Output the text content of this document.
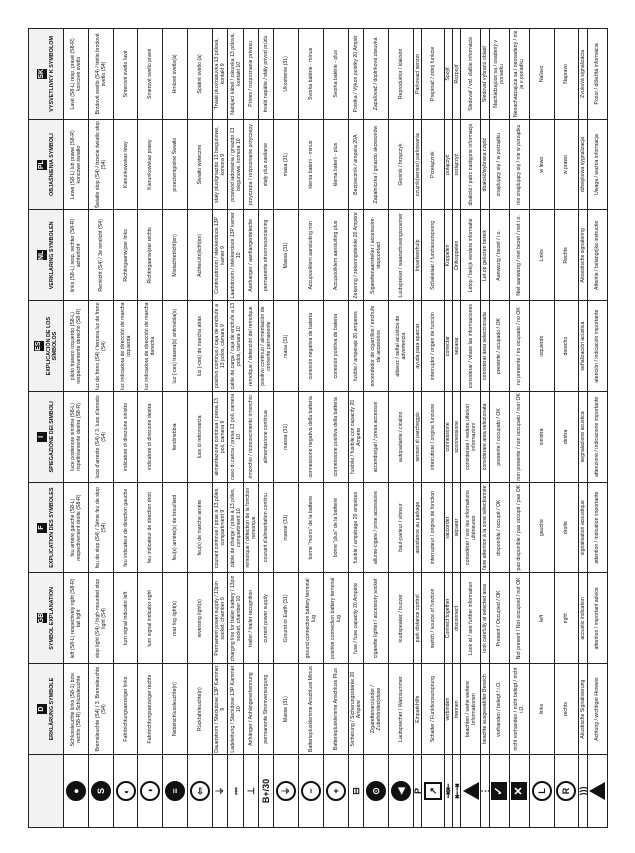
	D ERKLÄRUNG SYMBOLE	GB SYMBOL EXPLANATION	F EXPLICATION DES SYMBOLES	I SPIEGAZIONE DEI SIMBOLI	ES EXPLICACIÓN DE LOS SÍMBOLOS	NL VERKLARING SYMBOLEN	PL OBJAŚNIENIA SYMBOLI	SK VYSVETLIVKY K SYMBOLOM

●	Schlussleuchte links (S8-1) bzw. rechts (S8-R) Schlussleuchte	left (S8-L) respectively right (S8-R) tail light	feu arrière gauche (S8-L) respectivement droite (S8-R)	luce posteriore sinistra (S8-L) rispettivamente destra (S8-R)	piloto trasero izquierdo (S8-L) respectivamente derecho (S8-R)	links (S8-L) resp. rechter (S8-R) achterlicht	Lewe (S8-L) lub prawe (S8-R) koncowe światło	Lavé (S8-L) resp. pravé (S8-R) koncové svetlo
S	Bremsleuchte (S4) / 3. Bremsleuchte (S4)	stop light (S4) / high-mounted stop light (S4)	feu de stop (S4) / 3ème feu de stop (S4)	luce d'arresto (S4) / 3. luce d'arresto (S4)	luz de freno (S4) / tercera luz de freno (S4)	Remlicht (S4) / 3e remlicht (S4)	Światło stop (S4) / trzecie światło stop (S4)	Brzdové svetlo (S4) / tretie brzdové svetlo (S4)
◐	Fahrtrichtungsanzeiger links	turn signal indicator left	feu indicateur de direction gauche	indicatore di direzione sinistro	luz indicadora de dirección de marcha izquierda	Richtingaanwijzer links	Kierunkowskaz lewy	Smerové svetlo ľavé
◑	Fahrtrichtungsanzeiger rechts	turn signal indicator right	feu indicateur de direction droit	indicatore di direzione destra	luz indicadora de dirección de marcha derecha	Richtingaanwijzer rechts	Kierunkowskaz prawy	Smerové svetlo pravé
≡	Nebelschlussleuchte(n)	rear fog light(s)	feu(x) arrière(s) de brouillard	fendinebbia	luz (-ces) trasera(s) antiniebla(s)	Mistachterlicht(en)	przeciwmgielne Światło	Hmlové svetlo(á)
⇦	Rückfahrleuchte(n)	reversing light(s)	feu(x) de marche arrière	luce di retromarcia	luz (-ces) de marcha atrás	Achteruitrijlicht(en)	Światło wsteczne	Spätné svetlo (á)
⏚	Dauerstrom / Steckdose 13P Kammer 9	Permanent power supply / 13pin socket, chamber 9	courant continue / prise à 13 pôles, compartiment 9	alimentazione continua / presa 13 poli, camera 9	positivo continuo / caja de enchufe a 13 polos, cámara 9	Continustroom / stekkerdoos 13P kamer 9	stały plus/gniazdo 13 biegunowe, komora 9	Trvalé plus/zásuvka 13 pólová, kontakt 9
⎓	Ladeleitung / Steckdose 13P Kammer 10	charging line for trailer battery / 13pin socket, chamber 10	câble de charge / prise à 13 pôles, compartiment 10	cavo di carica / presa 13 poli, camera 10	cable de carga / caja de enchufe a 13 polos, cámara 10	Laadstroom / stekkerdoos 13P kamer 10	przewód ładowania / gniazdo 13 biegunowe, komora 10	Nabíjací kábel / zásuvka 13 pólová, kontakt 10
⊥	Anhänger / Anhängererkennung	trailer / trailer recognition	remorque / détection de la fonction remorque	rimorchio / riconoscimento rimorchio	remolque / detección del remolque	Aanhanger / aanhangerdetectie	przyczepa / rozpoznanie przyczepy	Príves / rozpoznanie prívesu
B+/30	permanente Stromversorgung	current power supply	courant d'alimentation continu	alimentazione continua	positivo continuo / alimentación de corriente permanente	permanente stroomvoorziening	stały plus zasilanie	trvalé napätie / stály prívod prúdu
⏚	Masse (31)	Ground or Earth (31)	masse (31)	massa (31)	masa (31)	Massa (31)	masa (31)	Ukostrenie (31)
−	Batterieplusklemme Anschluss Minus	ground connection battery terminal lug	borne "moins" de la batterie	connessione negativa della batteria	conexión negativa de batería	Accupoolklem aansluiting min	klema baterii - minus	Svorka batérie - mínus
+	Batterieplusklemme Anschluss Plus	positive connection battery terminal lug	borne "plus" de la batterie	connessione positiva della batteria	conexión positiva de batería	Accupoolklem aansluiting plus	klema baterii - plus	Svorka batérie - plus
⊟	Sicherung / Sicherungsstärke 20 Ampère	fuse / fuse capacity 20 Ampère	fusible / ampérage 20 ampères	fusibile / fusibile con capacity 20 Ampère	fusible / amperaje 20 amperes	Zekering / zekeringsterkte 20 Ampère	Bezpiecznik / ampera 20A	Poistka / Výkon poistky 20 Ampér
⊙	Zigarettenanzünder / Zubehörsteckdose	cigarette lighter / accessory socket	allume-cigare / prise accessoire	accendisigari / presa accessori	encendedor de cigarrillos / enchufe de accesorios	Sigarettenaansteker / accessoire-stopcontact	Zapalniczka / gniazdo akcesoriów	Zapaľovač / doplnková zásuvka
◀	Lautsprecher / Warnsummer	loudspeaker / buzzer	haut-parleur / vibreur	autoparlante / cicalino	altavoz / señal acústica de advertencia	Luidspreker / waarschuwingszoemer	Głośnik / brzęczyk	Reproduktor / klaksón
P	Einparkhilfe	park distance control	assistance au parkage	sensori di parcheggio	ayuda para aparcar	Inparkeerhulp	czujnik(sensor) parkowania	Parkovací senzor
↗	Schalter / Funktionsursprung	switch / source of function	interrupteur / origine de fonction	interruttore / origine funzione	interruptor / origen de función	Schakelaar / functieoorsprong	Przełącznik	Prepínač / zdroj funkcie
⇥⇤	verbinden	Connect together	raccorder	connessione	conectar	Koppelen	połączyć	Spojiť
⇤⇥	trennen	disconnect	séparer	sconnessione	separar	Ontkoppelen	rozłączyć	Rozpojiť
	beachten / siehe weitere Informationen	Look at / see further information	considérer / voir les informations ultérieures	considerare / vedere ulteriori informazioni	considerar / véase las informaciones	Letop / bekijk verdere informatie	dbałość / patrz następne informacje	Sledovať / viď. ďalšie informácie
⋮	beachte ausgewählter Bereich	look carefully at selected area	faire attention à la zone sélectionnée	considerare area selezionata	considerar área seleccionada	Let op gekozen bereik	dbałość/wybrana część	Sledovať vybranú oblasť
✓	vorhanden / belegt / i.O.	Present / Occupied / OK	disponible / occupé / OK	presente / occupato / OK	presente / ocupado / OK	Aanwezig / bezet / i.o.	znajdujący się / w porządku	Nachádzajúce sa / osadený v poriadku
✕	nicht vorhanden / nicht belegt / nicht i.O.	Not present / Not occupied / not OK	pas disponible / pas occupé / pas OK	non presente / non occupato / non OK	no presente / no ocupado / no OK	Niet aanwezig / niet bezet / niet i.o.	nie znajdujący się / nie w porządku	Nenachádzajúce sa / neosadený / nie je v poriadku
L	links	left	gauche	sinistra	izquierdo	Links	w lewo	Naľavo
R	rechts	right	droite	destra	derecho	Rechts	w prawo	Napravo
)))	Akustische Signalisierung	acoustic indication	signalisation acoustique	segnalazione acustica	señalización acústica	Akoestische signalering	dźwiękowa sygnalizacja	Zvuková signalizácia
	Achtung / wichtiger Hinweis	attention / important advice	attention / indication importante	attenzione / indicazione importante	atención / indicación importante	Attentie / belangrijke instructie	Uwaga / ważna informacja	Pozor / dôležitá informácia
